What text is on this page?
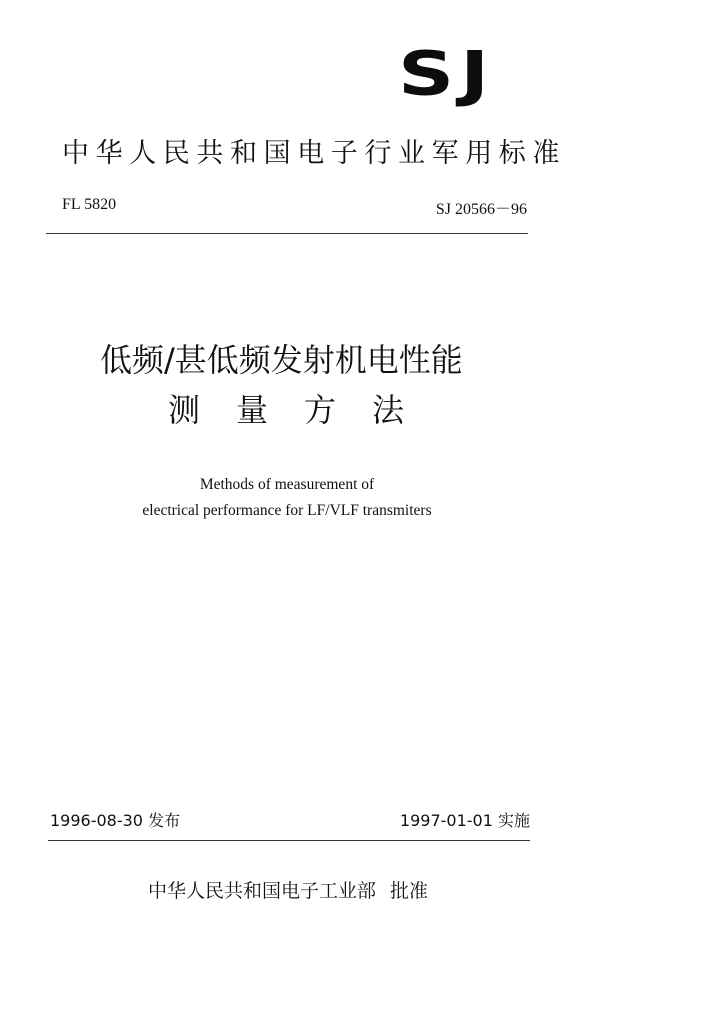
SJ
中华人民共和国电子行业军用标准
FL 5820	SJ 20566－96
低频/甚低频发射机电性能
测量方法
Methods of measurement of
electrical performance for LF/VLF transmiters
1996-08-30 发布	1997-01-01 实施
中华人民共和国电子工业部 批准
